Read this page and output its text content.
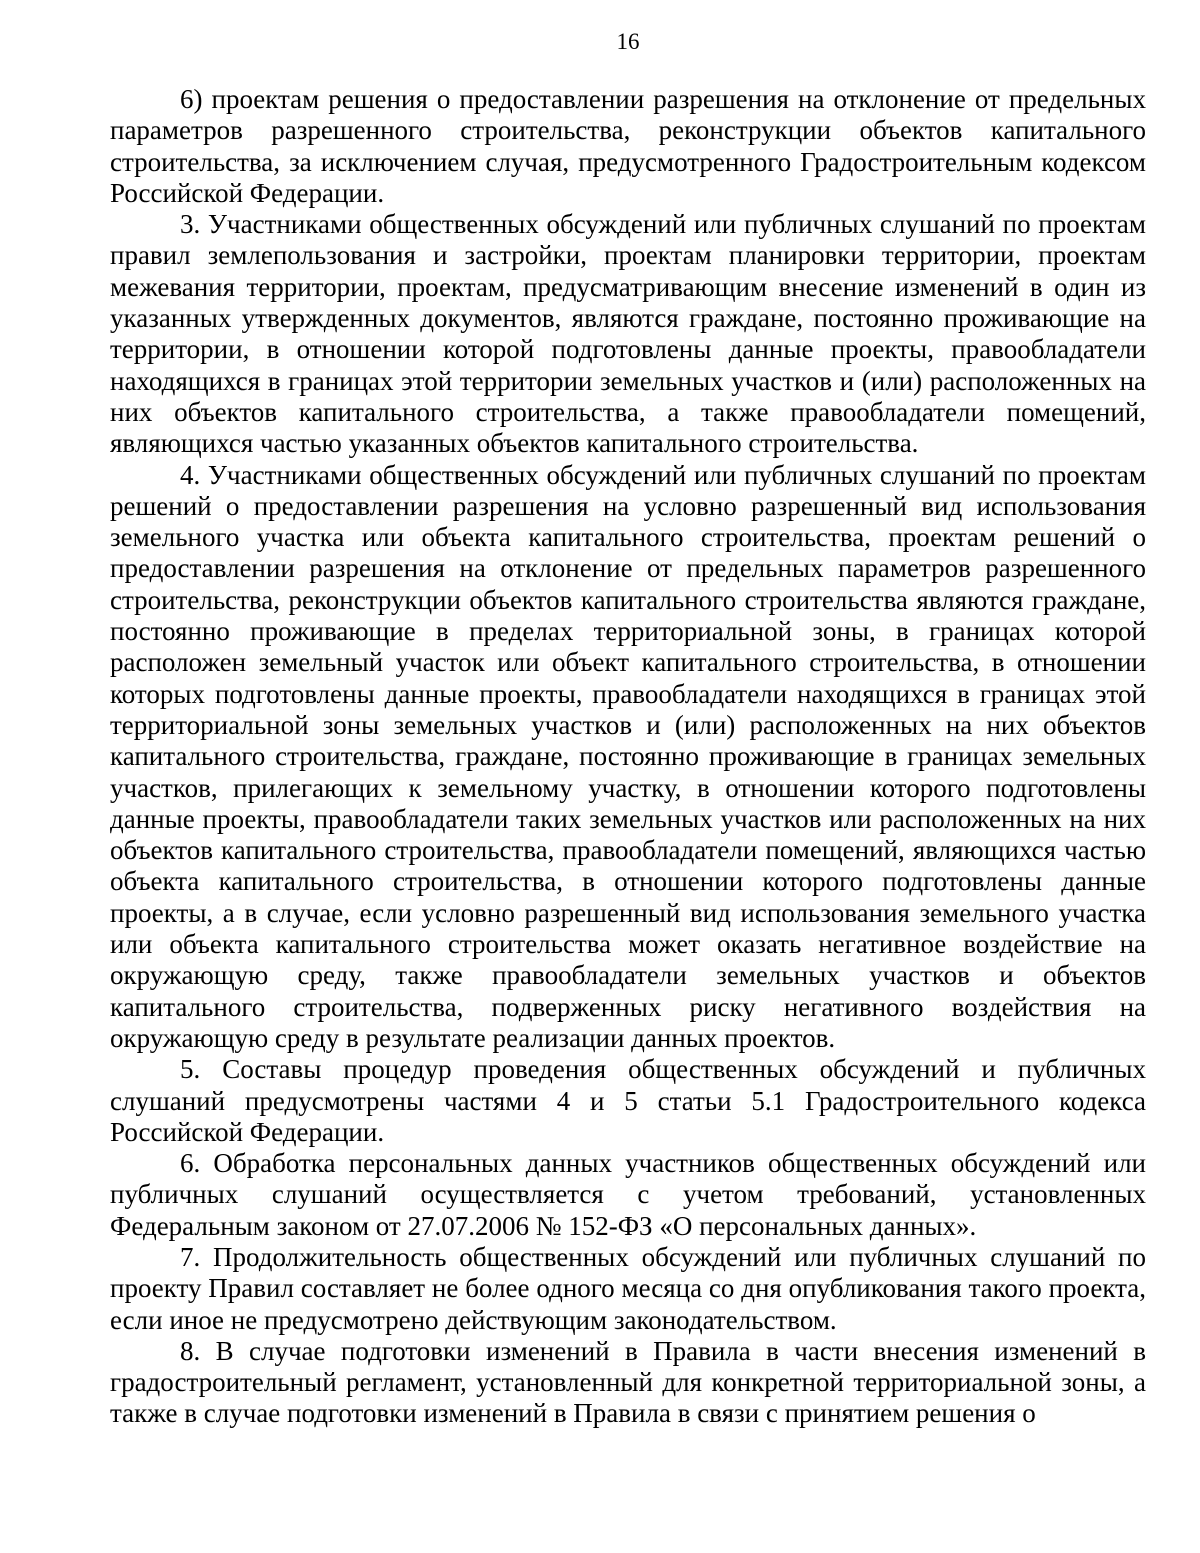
16

6) проектам решения о предоставлении разрешения на отклонение от предельных параметров разрешенного строительства, реконструкции объектов капитального строительства, за исключением случая, предусмотренного Градостроительным кодексом Российской Федерации.

3. Участниками общественных обсуждений или публичных слушаний по проектам правил землепользования и застройки, проектам планировки территории, проектам межевания территории, проектам, предусматривающим внесение изменений в один из указанных утвержденных документов, являются граждане, постоянно проживающие на территории, в отношении которой подготовлены данные проекты, правообладатели находящихся в границах этой территории земельных участков и (или) расположенных на них объектов капитального строительства, а также правообладатели помещений, являющихся частью указанных объектов капитального строительства.

4. Участниками общественных обсуждений или публичных слушаний по проектам решений о предоставлении разрешения на условно разрешенный вид использования земельного участка или объекта капитального строительства, проектам решений о предоставлении разрешения на отклонение от предельных параметров разрешенного строительства, реконструкции объектов капитального строительства являются граждане, постоянно проживающие в пределах территориальной зоны, в границах которой расположен земельный участок или объект капитального строительства, в отношении которых подготовлены данные проекты, правообладатели находящихся в границах этой территориальной зоны земельных участков и (или) расположенных на них объектов капитального строительства, граждане, постоянно проживающие в границах земельных участков, прилегающих к земельному участку, в отношении которого подготовлены данные проекты, правообладатели таких земельных участков или расположенных на них объектов капитального строительства, правообладатели помещений, являющихся частью объекта капитального строительства, в отношении которого подготовлены данные проекты, а в случае, если условно разрешенный вид использования земельного участка или объекта капитального строительства может оказать негативное воздействие на окружающую среду, также правообладатели земельных участков и объектов капитального строительства, подверженных риску негативного воздействия на окружающую среду в результате реализации данных проектов.

5. Составы процедур проведения общественных обсуждений и публичных слушаний предусмотрены частями 4 и 5 статьи 5.1 Градостроительного кодекса Российской Федерации.

6. Обработка персональных данных участников общественных обсуждений или публичных слушаний осуществляется с учетом требований, установленных Федеральным законом от 27.07.2006 № 152-ФЗ «О персональных данных».

7. Продолжительность общественных обсуждений или публичных слушаний по проекту Правил составляет не более одного месяца со дня опубликования такого проекта, если иное не предусмотрено действующим законодательством.

8. В случае подготовки изменений в Правила в части внесения изменений в градостроительный регламент, установленный для конкретной территориальной зоны, а также в случае подготовки изменений в Правила в связи с принятием решения о
